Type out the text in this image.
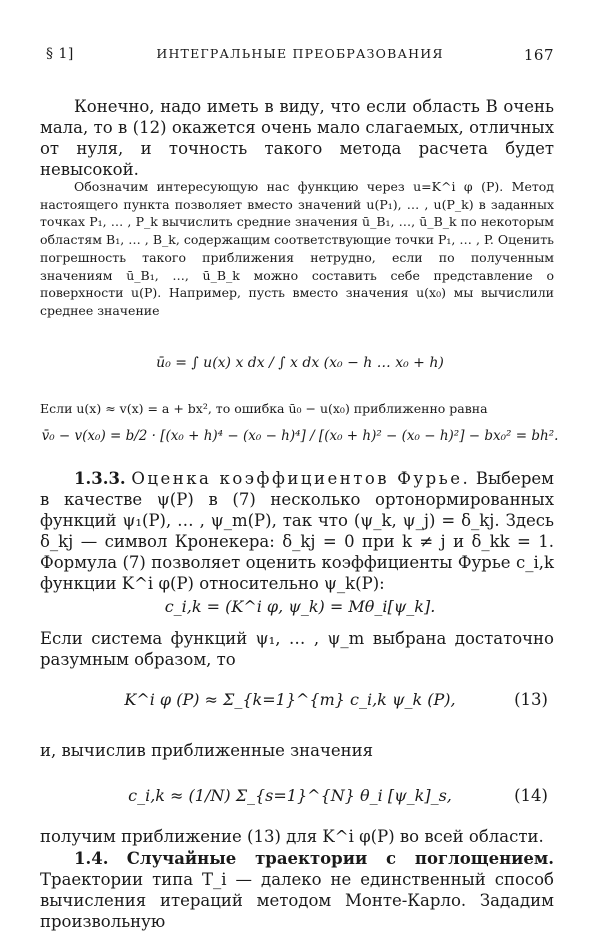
§ 1]	ИНТЕГРАЛЬНЫЕ ПРЕОБРАЗОВАНИЯ	167

Конечно, надо иметь в виду, что если область B очень мала, то в (12) окажется очень мало слагаемых, отличных от нуля, и точность такого метода расчета будет невысокой.

Обозначим интересующую нас функцию через u=K^i φ (P). Метод настоящего пункта позволяет вместо значений u(P₁), … , u(P_k) в заданных точках P₁, … , P_k вычислить средние значения ū_B₁, …, ū_B_k по некоторым областям B₁, … , B_k, содержащим соответствующие точки P₁, … , P. Оценить погрешность такого приближения нетрудно, если по полученным значениям ū_B₁, …, ū_B_k можно составить себе представление о поверхности u(P). Например, пусть вместо значения u(x₀) мы вычислили среднее значение

ū₀ = ∫ u(x) x dx / ∫ x dx (x₀ − h … x₀ + h)

Если u(x) ≈ v(x) = a + bx², то ошибка ū₀ − u(x₀) приближенно равна

v̄₀ − v(x₀) = b/2 · [(x₀ + h)⁴ − (x₀ − h)⁴] / [(x₀ + h)² − (x₀ − h)²] − bx₀² = bh².

1.3.3. Оценка коэффициентов Фурье. Выберем в качестве ψ(P) в (7) несколько ортонормированных функций ψ₁(P), … , ψ_m(P), так что (ψ_k, ψ_j) = δ_kj. Здесь δ_kj — символ Кронекера: δ_kj = 0 при k ≠ j и δ_kk = 1. Формула (7) позволяет оценить коэффициенты Фурье c_i,k функции K^i φ(P) относительно ψ_k(P):

c_i,k = (K^i φ, ψ_k) = Mθ_i[ψ_k].

Если система функций ψ₁, … , ψ_m выбрана достаточно разумным образом, то

K^i φ (P) ≈ Σ_{k=1}^{m} c_i,k ψ_k (P),	(13)

и, вычислив приближенные значения

c_i,k ≈ (1/N) Σ_{s=1}^{N} θ_i [ψ_k]_s,	(14)

получим приближение (13) для K^i φ(P) во всей области.

1.4. Случайные траектории с поглощением. Траектории типа T_i — далеко не единственный способ вычисления итераций методом Монте-Карло. Зададим произвольную
